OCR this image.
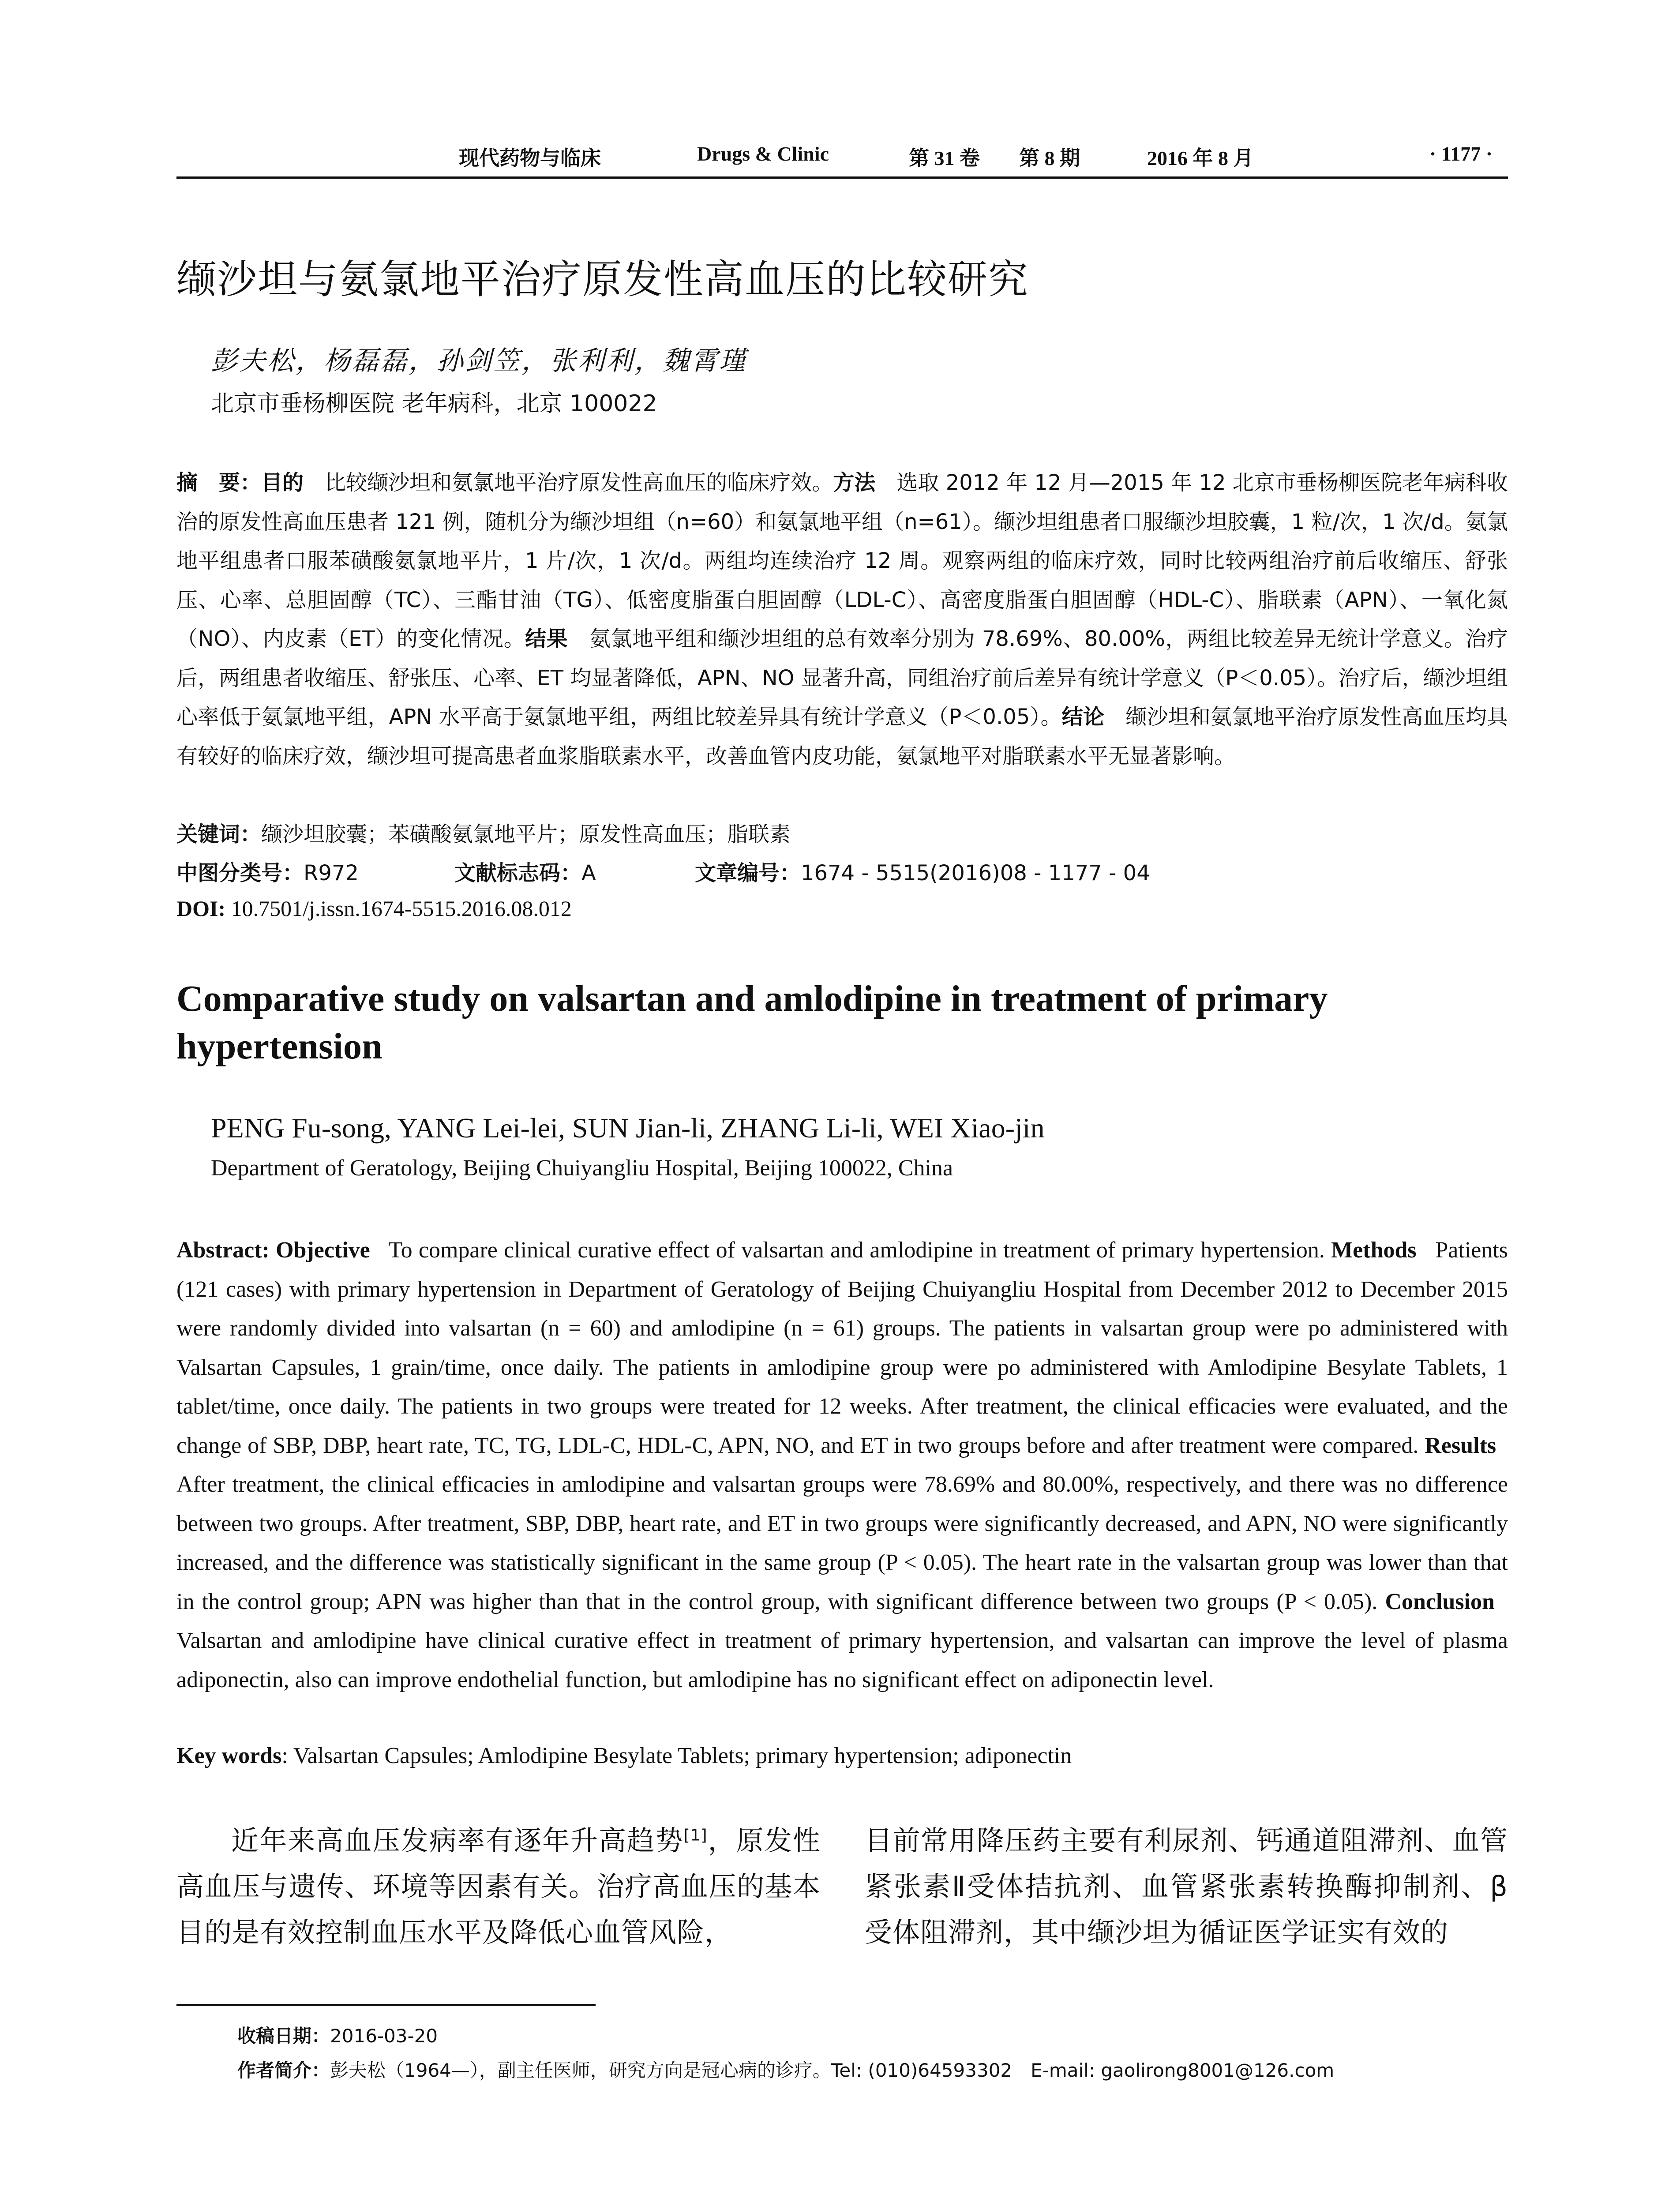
现代药物与临床	Drugs & Clinic	第 31 卷 第 8 期	2016 年 8 月	· 1177 ·
缬沙坦与氨氯地平治疗原发性高血压的比较研究
彭夫松，杨磊磊，孙剑笠，张利利，魏霄瑾
北京市垂杨柳医院 老年病科，北京 100022
摘　要：目的　 比较缬沙坦和氨氯地平治疗原发性高血压的临床疗效。方法　 选取 2012 年 12 月—2015 年 12 北京市垂杨柳医院老年病科收治的原发性高血压患者 121 例，随机分为缬沙坦组（n=60）和氨氯地平组（n=61）。缬沙坦组患者口服缬沙坦胶囊，1 粒/次，1 次/d。氨氯地平组患者口服苯磺酸氨氯地平片，1 片/次，1 次/d。两组均连续治疗 12 周。观察两组的临床疗效，同时比较两组治疗前后收缩压、舒张压、心率、总胆固醇（TC）、三酯甘油（TG）、低密度脂蛋白胆固醇（LDL-C）、高密度脂蛋白胆固醇（HDL-C）、脂联素（APN）、一氧化氮（NO）、内皮素（ET）的变化情况。结果　 氨氯地平组和缬沙坦组的总有效率分别为 78.69%、80.00%，两组比较差异无统计学意义。治疗后，两组患者收缩压、舒张压、心率、ET 均显著降低，APN、NO 显著升高，同组治疗前后差异有统计学意义（P＜0.05）。治疗后，缬沙坦组心率低于氨氯地平组，APN 水平高于氨氯地平组，两组比较差异具有统计学意义（P＜0.05）。结论　 缬沙坦和氨氯地平治疗原发性高血压均具有较好的临床疗效，缬沙坦可提高患者血浆脂联素水平，改善血管内皮功能，氨氯地平对脂联素水平无显著影响。
关键词：缬沙坦胶囊；苯磺酸氨氯地平片；原发性高血压；脂联素
中图分类号：R972	文献标志码：A	文章编号：1674 - 5515(2016)08 - 1177 - 04
DOI: 10.7501/j.issn.1674-5515.2016.08.012
Comparative study on valsartan and amlodipine in treatment of primary hypertension
PENG Fu-song, YANG Lei-lei, SUN Jian-li, ZHANG Li-li, WEI Xiao-jin
Department of Geratology, Beijing Chuiyangliu Hospital, Beijing 100022, China
Abstract: Objective To compare clinical curative effect of valsartan and amlodipine in treatment of primary hypertension. Methods Patients (121 cases) with primary hypertension in Department of Geratology of Beijing Chuiyangliu Hospital from December 2012 to December 2015 were randomly divided into valsartan (n = 60) and amlodipine (n = 61) groups. The patients in valsartan group were po administered with Valsartan Capsules, 1 grain/time, once daily. The patients in amlodipine group were po administered with Amlodipine Besylate Tablets, 1 tablet/time, once daily. The patients in two groups were treated for 12 weeks. After treatment, the clinical efficacies were evaluated, and the change of SBP, DBP, heart rate, TC, TG, LDL-C, HDL-C, APN, NO, and ET in two groups before and after treatment were compared. Results   After treatment, the clinical efficacies in amlodipine and valsartan groups were 78.69% and 80.00%, respectively, and there was no difference between two groups. After treatment, SBP, DBP, heart rate, and ET in two groups were significantly decreased, and APN, NO were significantly increased, and the difference was statistically significant in the same group (P < 0.05). The heart rate in the valsartan group was lower than that in the control group; APN was higher than that in the control group, with significant difference between two groups (P < 0.05). Conclusion   Valsartan and amlodipine have clinical curative effect in treatment of primary hypertension, and valsartan can improve the level of plasma adiponectin, also can improve endothelial function, but amlodipine has no significant effect on adiponectin level.
Key words: Valsartan Capsules; Amlodipine Besylate Tablets; primary hypertension; adiponectin
近年来高血压发病率有逐年升高趋势[1]，原发性高血压与遗传、环境等因素有关。治疗高血压的基本目的是有效控制血压水平及降低心血管风险，
目前常用降压药主要有利尿剂、钙通道阻滞剂、血管紧张素Ⅱ受体拮抗剂、血管紧张素转换酶抑制剂、β 受体阻滞剂，其中缬沙坦为循证医学证实有效的
收稿日期：2016-03-20
作者简介：彭夫松（1964—），副主任医师，研究方向是冠心病的诊疗。Tel: (010)64593302　E-mail: gaolirong8001@126.com
